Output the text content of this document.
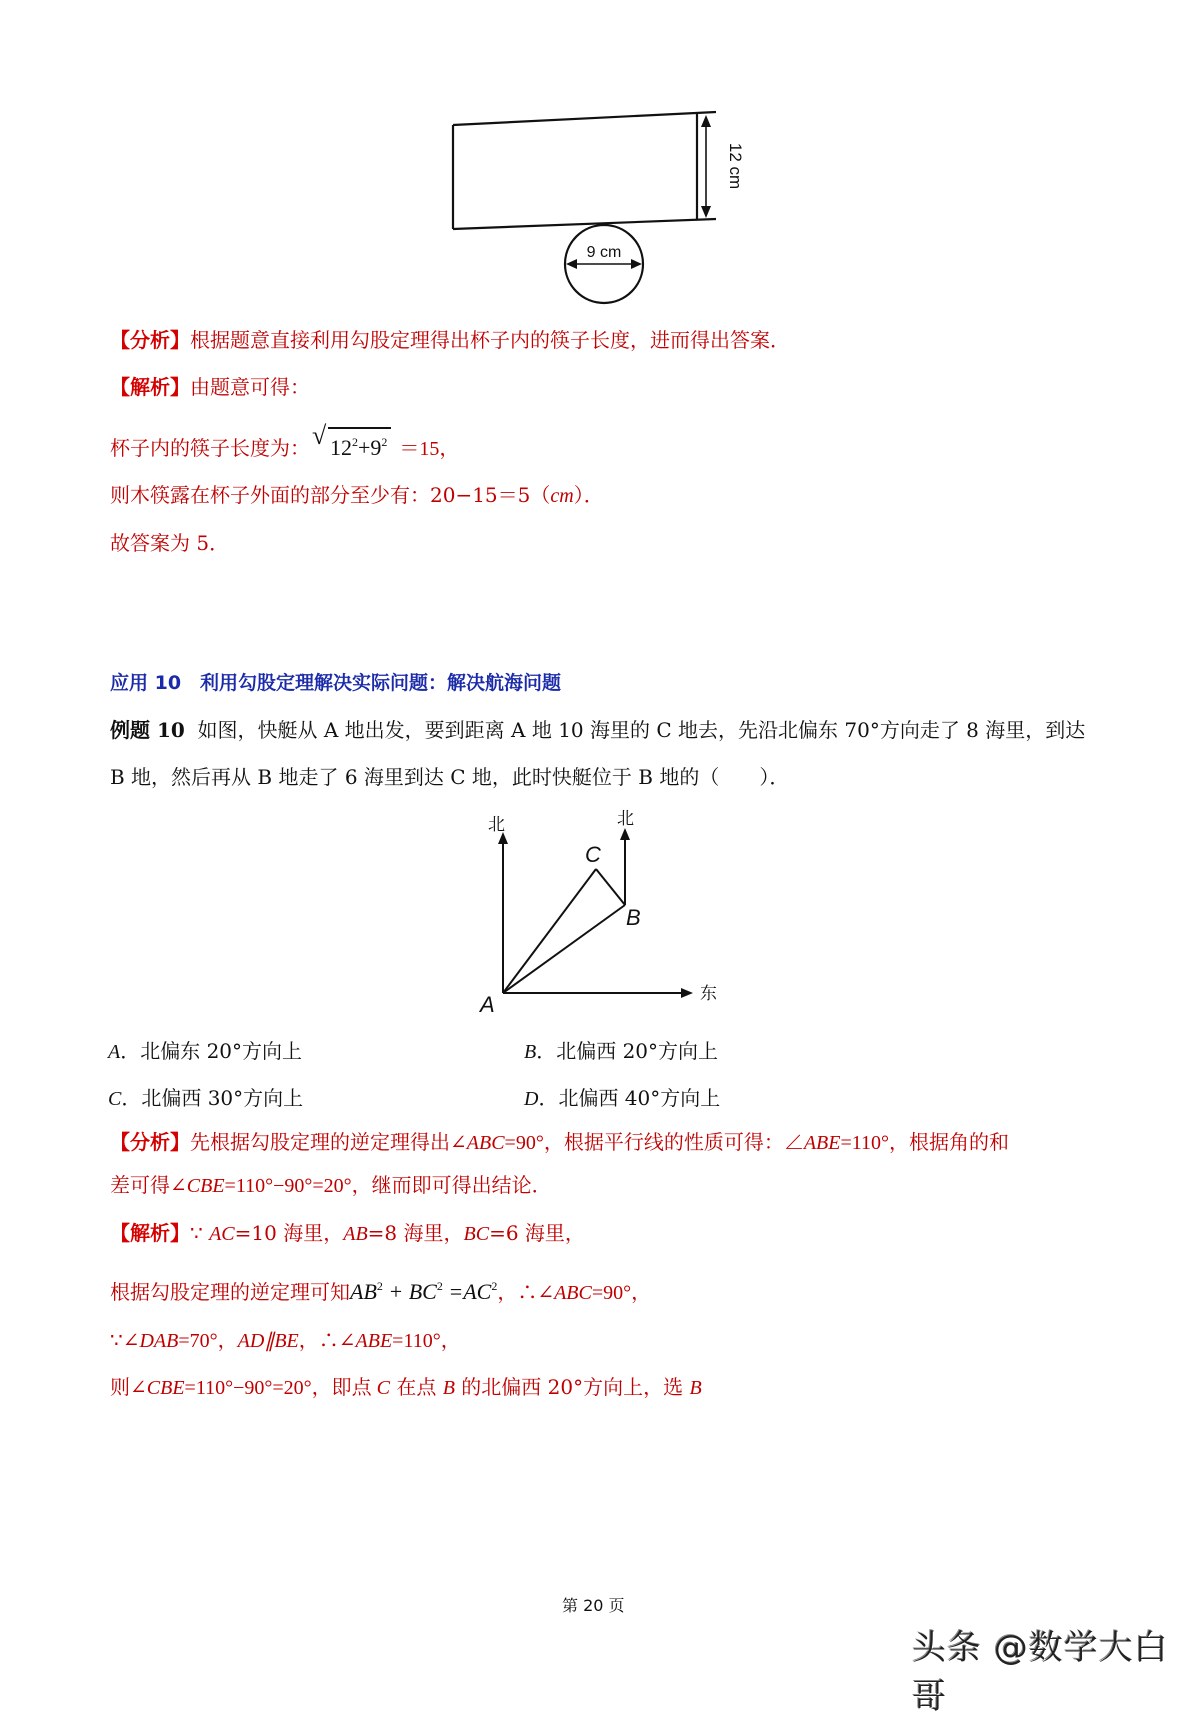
12 cm
9 cm
【分析】根据题意直接利用勾股定理得出杯子内的筷子长度，进而得出答案．
【解析】由题意可得：
杯子内的筷子长度为： √ $12^2+9^2 =15$，
则木筷露在杯子外面的部分至少有：20−15＝5（cm）．
故答案为 5．
应用 10　利用勾股定理解决实际问题：解决航海问题
例题 10 如图，快艇从 A 地出发，要到距离 A 地 10 海里的 C 地去，先沿北偏东 70°方向走了 8 海里，到达
B 地，然后再从 B 地走了 6 海里到达 C 地，此时快艇位于 B 地的（　　）．
北	北
东
A
C
B
A．北偏东 20°方向上	B．北偏西 20°方向上
C．北偏西 30°方向上	D．北偏西 40°方向上
【分析】先根据勾股定理的逆定理得出∠ABC=90°，根据平行线的性质可得：∠ABE=110°，根据角的和
差可得∠CBE=110°−90°=20°，继而即可得出结论．
【解析】∵ AC=10 海里，AB=8 海里，BC=6 海里，
根据勾股定理的逆定理可知$AB^2 + BC^2 =AC^2$，∴∠ABC=90°，
∵∠DAB=70°，AD∥BE，∴∠ABE=110°，
则∠CBE=110°−90°=20°，即点 C 在点 B 的北偏西 20°方向上，选 B
第 20 页
头条 @数学大白哥
